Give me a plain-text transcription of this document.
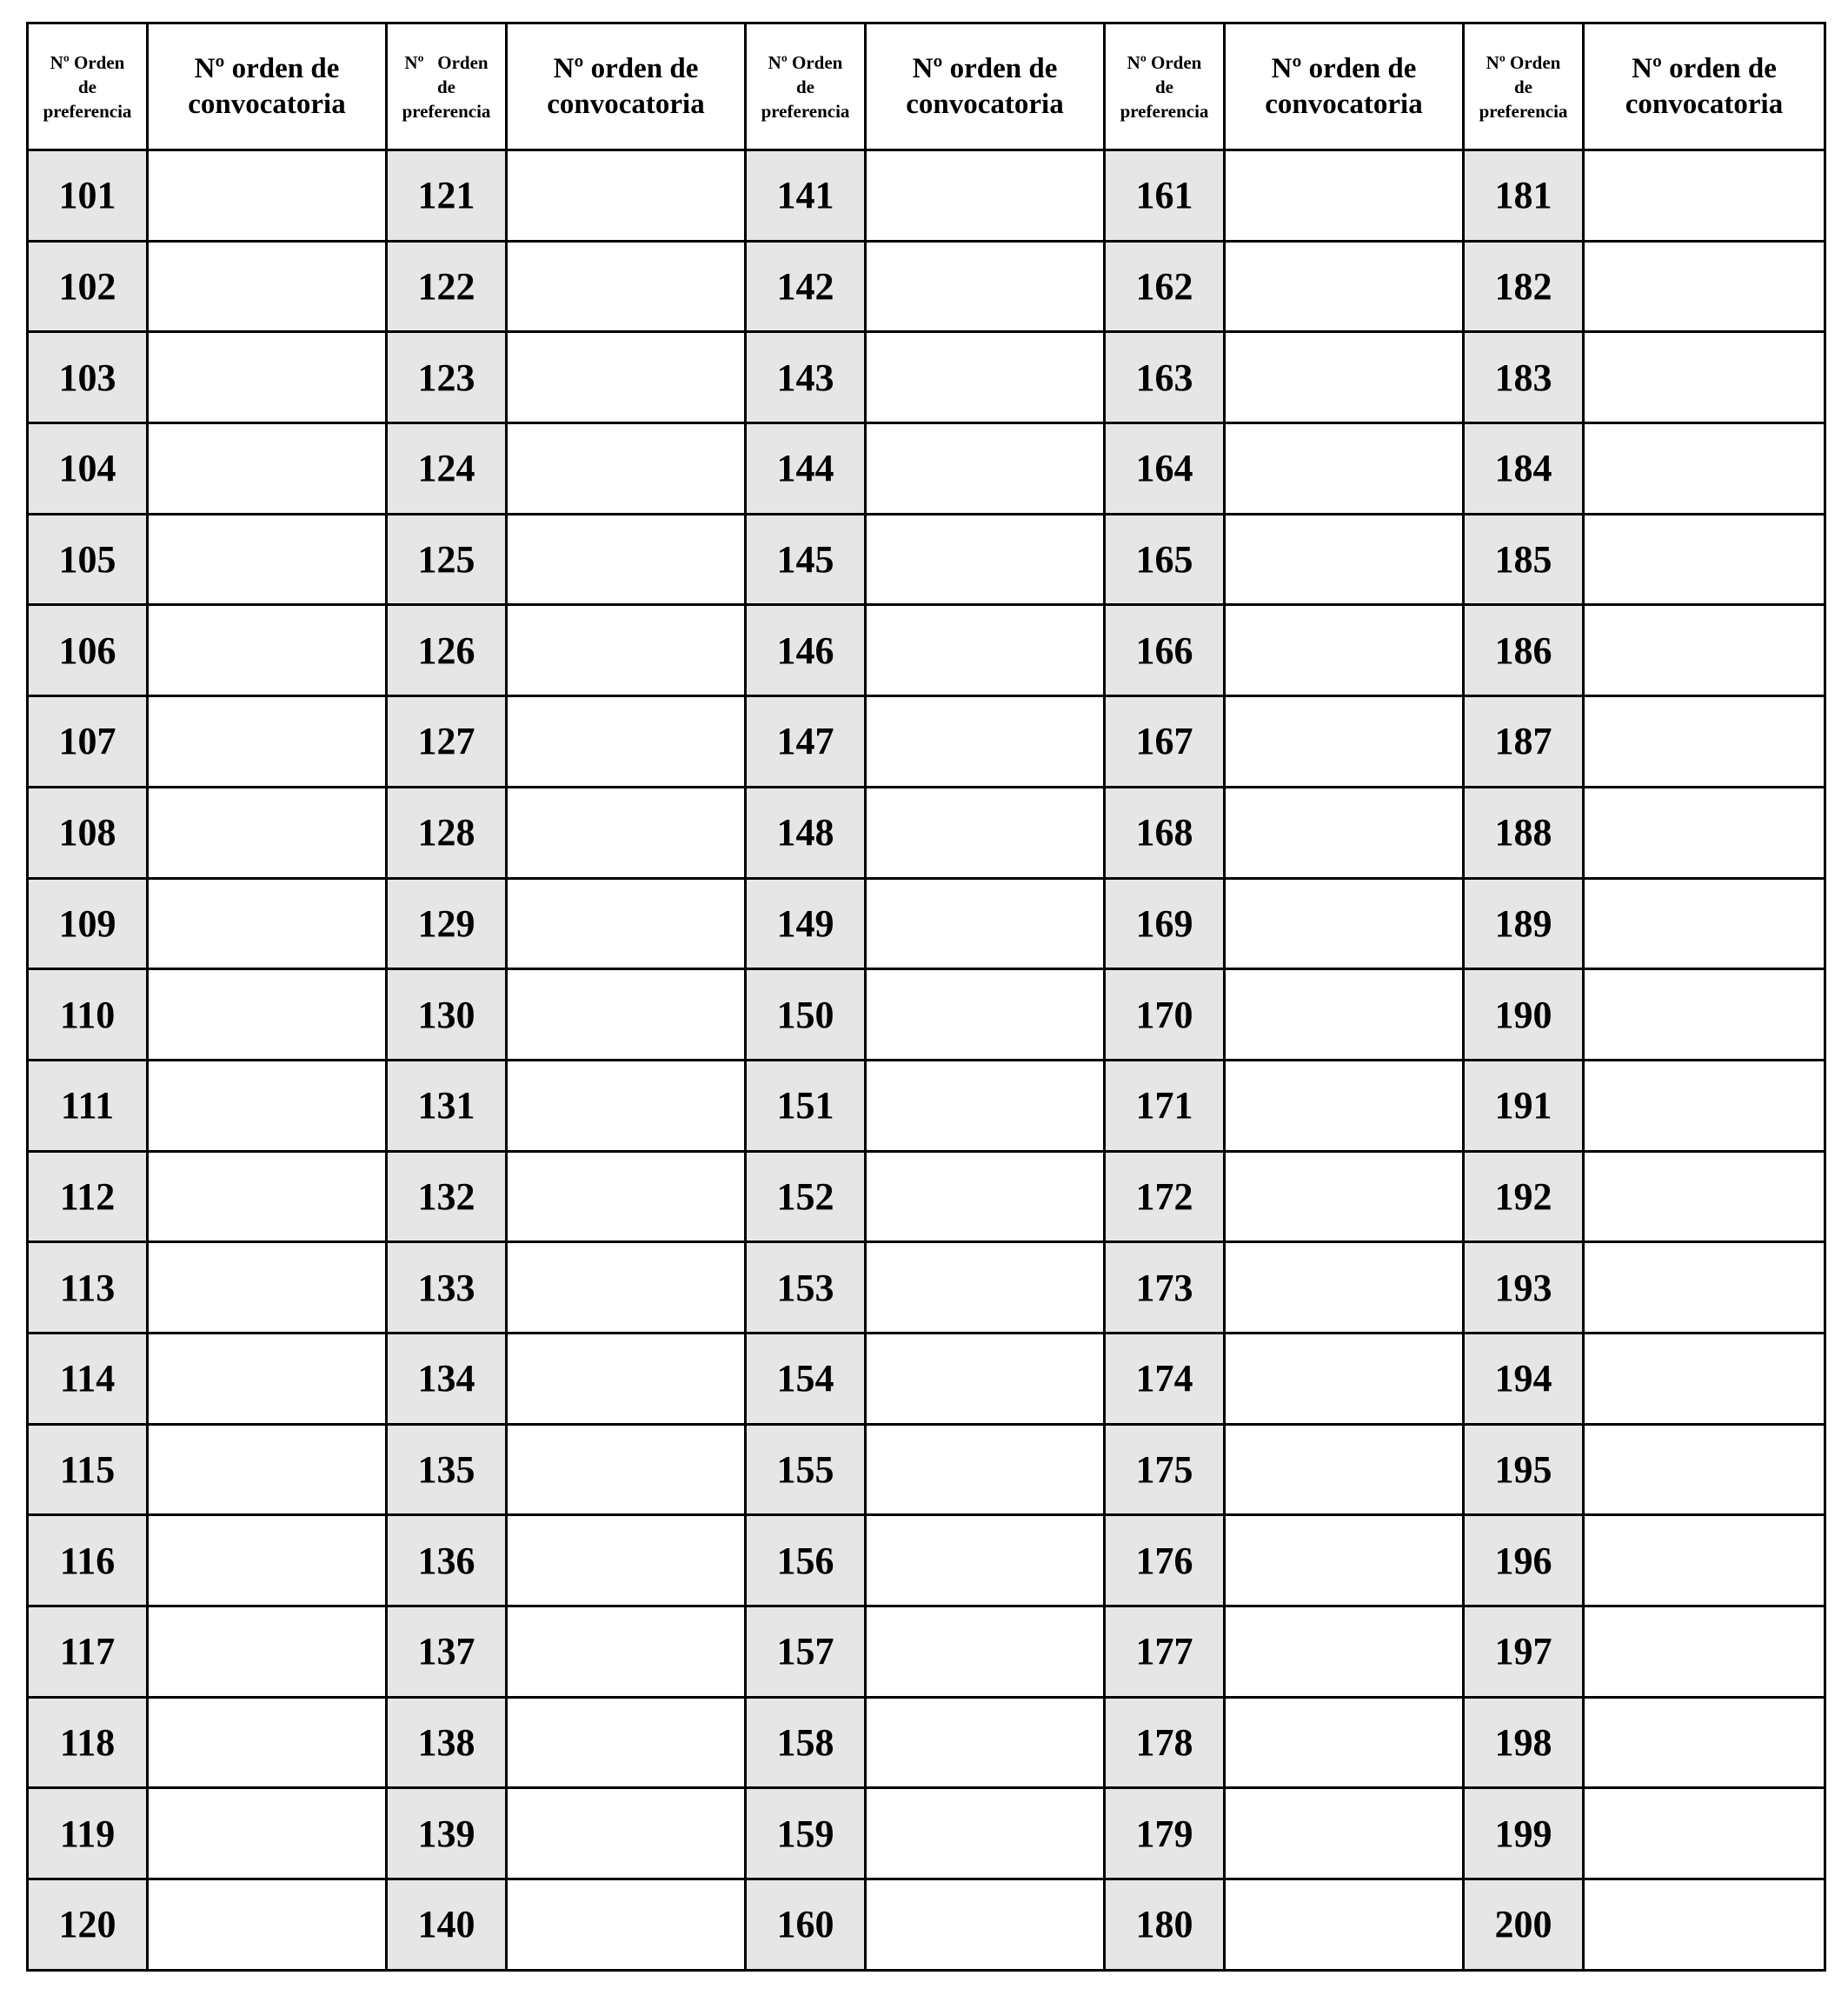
Nº Orden
de
preferencia	Nº orden de
convocatoria	Nº   Orden
de
preferencia	Nº orden de
convocatoria	Nº Orden
de
preferencia	Nº orden de
convocatoria	Nº Orden
de
preferencia	Nº orden de
convocatoria	Nº Orden
de
preferencia	Nº orden de
convocatoria
101		121		141		161		181	
102		122		142		162		182	
103		123		143		163		183	
104		124		144		164		184	
105		125		145		165		185	
106		126		146		166		186	
107		127		147		167		187	
108		128		148		168		188	
109		129		149		169		189	
110		130		150		170		190	
111		131		151		171		191	
112		132		152		172		192	
113		133		153		173		193	
114		134		154		174		194	
115		135		155		175		195	
116		136		156		176		196	
117		137		157		177		197	
118		138		158		178		198	
119		139		159		179		199	
120		140		160		180		200	
